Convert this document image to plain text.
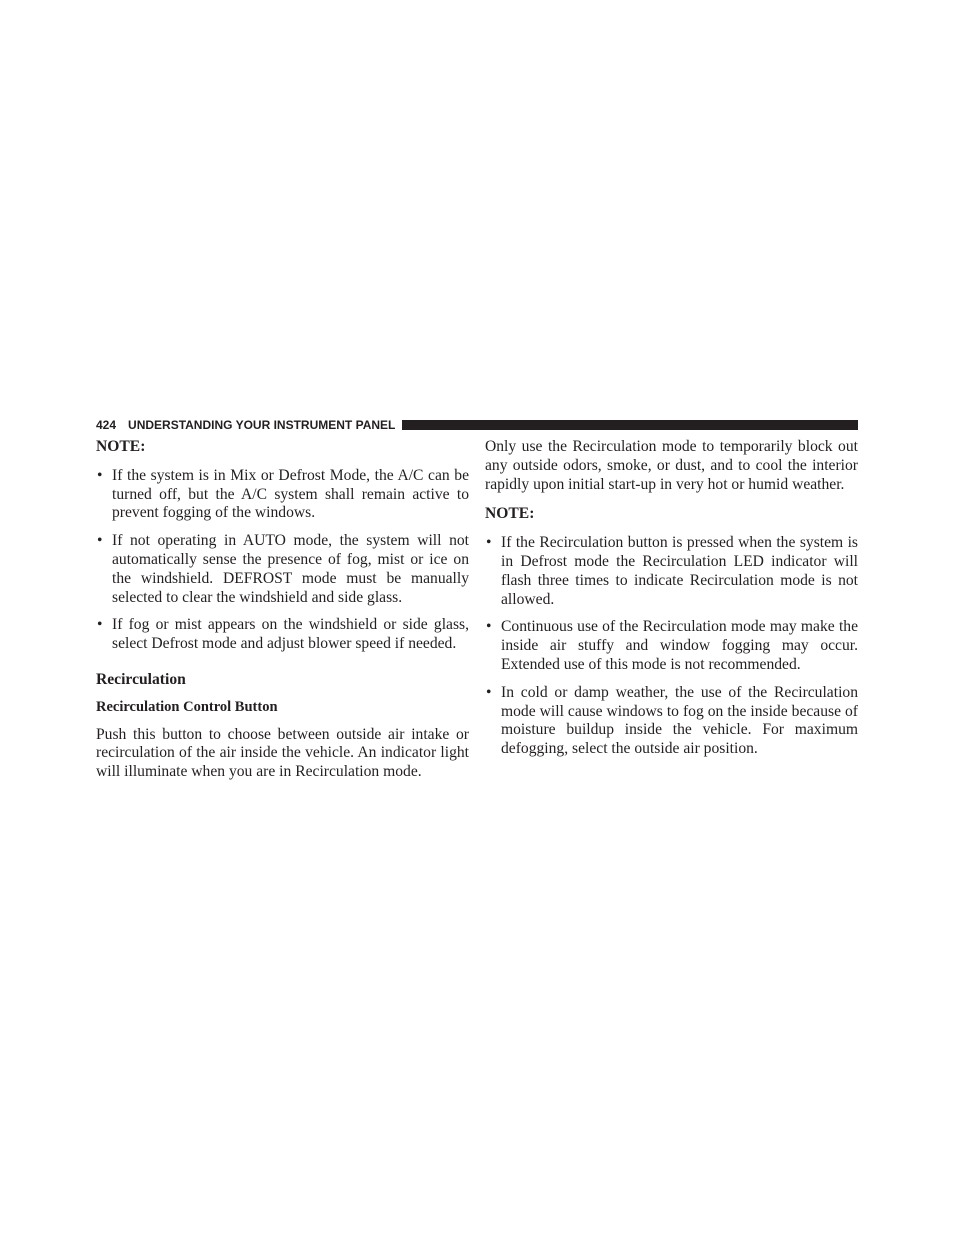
424 UNDERSTANDING YOUR INSTRUMENT PANEL

NOTE:

• If the system is in Mix or Defrost Mode, the A/C can be turned off, but the A/C system shall remain active to prevent fogging of the windows.
• If not operating in AUTO mode, the system will not automatically sense the presence of fog, mist or ice on the windshield. DEFROST mode must be manually selected to clear the windshield and side glass.
• If fog or mist appears on the windshield or side glass, select Defrost mode and adjust blower speed if needed.

Recirculation

Recirculation Control Button

Push this button to choose between outside air intake or recirculation of the air inside the vehicle. An indicator light will illuminate when you are in Recirculation mode.

Only use the Recirculation mode to temporarily block out any outside odors, smoke, or dust, and to cool the interior rapidly upon initial start-up in very hot or humid weather.

NOTE:

• If the Recirculation button is pressed when the system is in Defrost mode the Recirculation LED indicator will flash three times to indicate Recirculation mode is not allowed.
• Continuous use of the Recirculation mode may make the inside air stuffy and window fogging may occur. Extended use of this mode is not recommended.
• In cold or damp weather, the use of the Recirculation mode will cause windows to fog on the inside because of moisture buildup inside the vehicle. For maximum defogging, select the outside air position.
